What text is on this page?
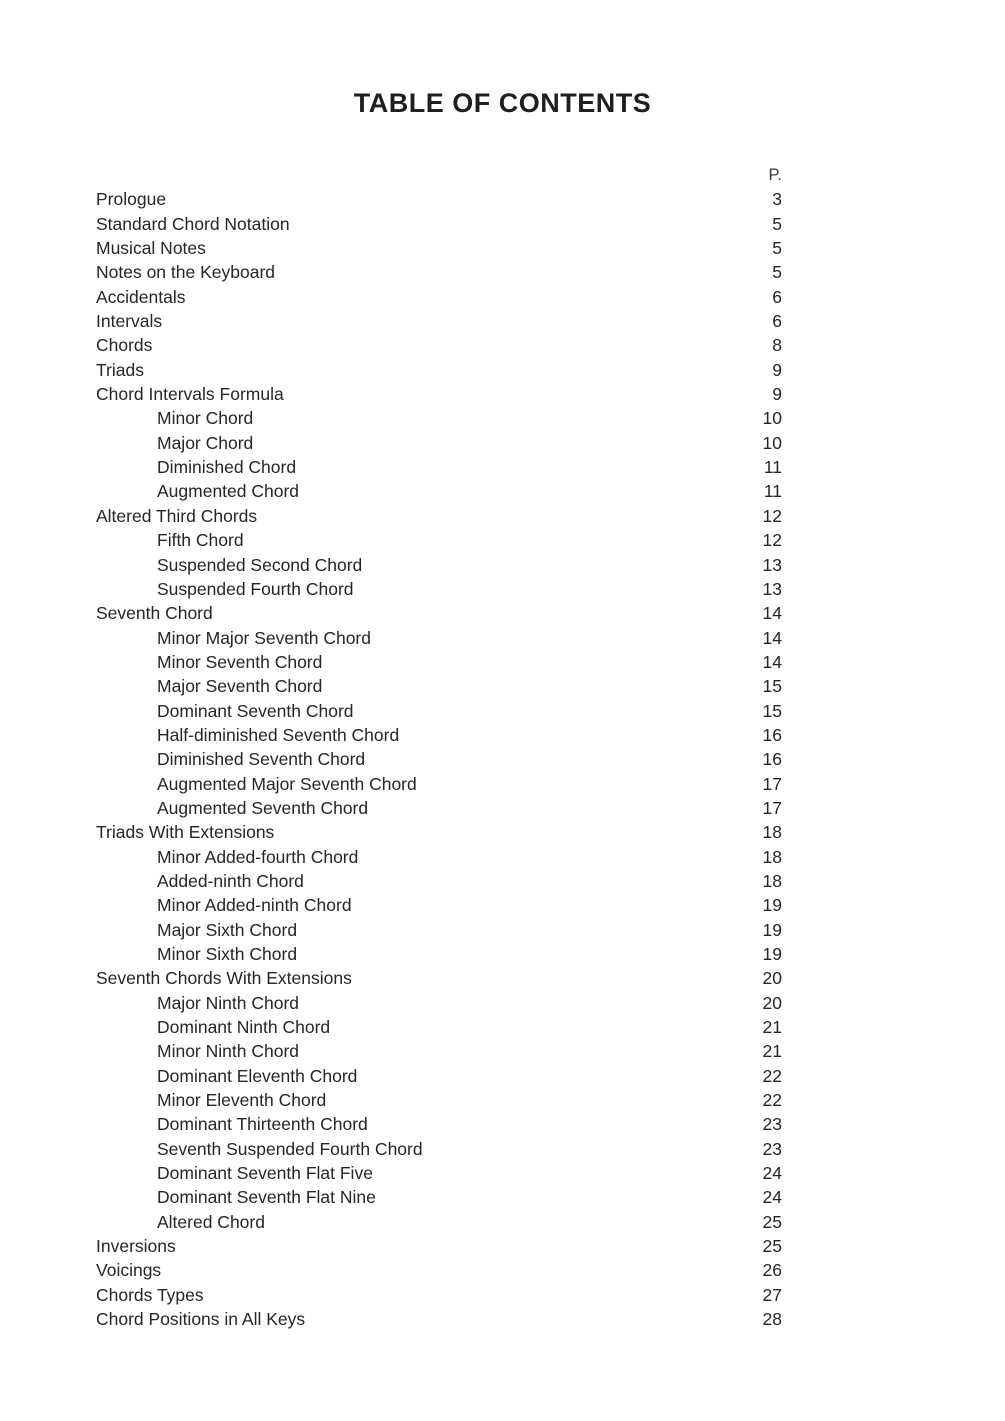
TABLE OF CONTENTS
P.
Prologue	3
Standard Chord Notation	5
Musical Notes	5
Notes on the Keyboard	5
Accidentals	6
Intervals	6
Chords	8
Triads	9
Chord Intervals Formula	9
Minor Chord	10
Major Chord	10
Diminished Chord	11
Augmented Chord	11
Altered Third Chords	12
Fifth Chord	12
Suspended Second Chord	13
Suspended Fourth Chord	13
Seventh Chord	14
Minor Major Seventh Chord	14
Minor Seventh Chord	14
Major Seventh Chord	15
Dominant Seventh Chord	15
Half-diminished Seventh Chord	16
Diminished Seventh Chord	16
Augmented Major Seventh Chord	17
Augmented Seventh Chord	17
Triads With Extensions	18
Minor Added-fourth Chord	18
Added-ninth Chord	18
Minor Added-ninth Chord	19
Major Sixth Chord	19
Minor Sixth Chord	19
Seventh Chords With Extensions	20
Major Ninth Chord	20
Dominant Ninth Chord	21
Minor Ninth Chord	21
Dominant Eleventh Chord	22
Minor Eleventh Chord	22
Dominant Thirteenth Chord	23
Seventh Suspended Fourth Chord	23
Dominant Seventh Flat Five	24
Dominant Seventh Flat Nine	24
Altered Chord	25
Inversions	25
Voicings	26
Chords Types	27
Chord Positions in All Keys	28
